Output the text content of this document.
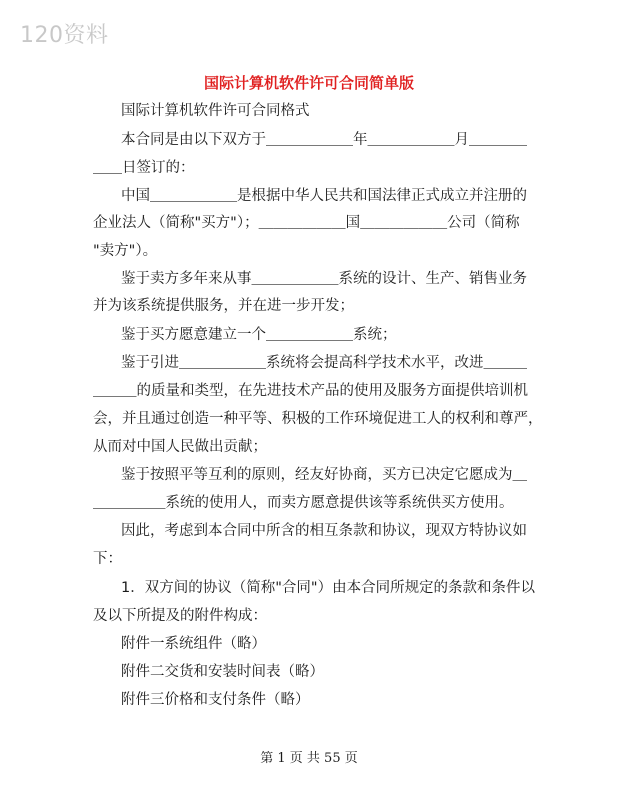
120资料
国际计算机软件许可合同简单版
国际计算机软件许可合同格式
本合同是由以下双方于＿＿＿＿＿＿年＿＿＿＿＿＿月＿＿＿＿
＿＿日签订的：
中国＿＿＿＿＿＿是根据中华人民共和国法律正式成立并注册的
企业法人（简称"买方"）；＿＿＿＿＿＿国＿＿＿＿＿＿公司（简称
"卖方"）。
鉴于卖方多年来从事＿＿＿＿＿＿系统的设计、生产、销售业务
并为该系统提供服务，并在进一步开发；
鉴于买方愿意建立一个＿＿＿＿＿＿系统；
鉴于引进＿＿＿＿＿＿系统将会提高科学技术水平，改进＿＿＿
＿＿＿的质量和类型，在先进技术产品的使用及服务方面提供培训机
会，并且通过创造一种平等、积极的工作环境促进工人的权利和尊严，
从而对中国人民做出贡献；
鉴于按照平等互利的原则，经友好协商，买方已决定它愿成为＿
＿＿＿＿＿系统的使用人，而卖方愿意提供该等系统供买方使用。
因此，考虑到本合同中所含的相互条款和协议，现双方特协议如
下：
1．双方间的协议（简称"合同"）由本合同所规定的条款和条件以
及以下所提及的附件构成：
附件一系统组件（略）
附件二交货和安装时间表（略）
附件三价格和支付条件（略）
第 1 页 共 55 页
